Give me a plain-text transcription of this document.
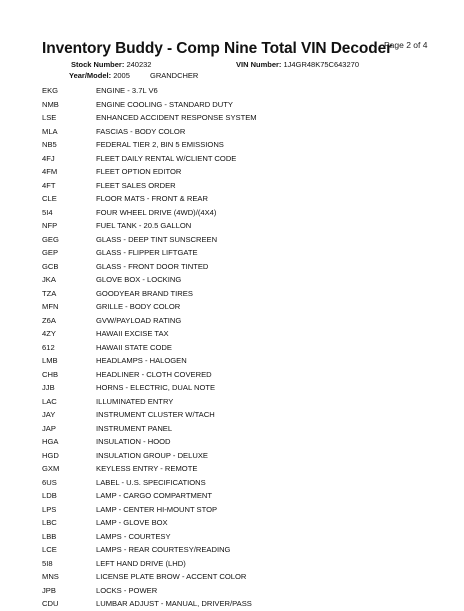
Inventory Buddy - Comp Nine Total VIN Decoder
Page 2 of 4
Stock Number: 240232	VIN Number: 1J4GR48K75C643270
Year/Model: 2005	GRANDCHER
EKG	ENGINE - 3.7L V6
NMB	ENGINE COOLING - STANDARD DUTY
LSE	ENHANCED ACCIDENT RESPONSE SYSTEM
MLA	FASCIAS - BODY COLOR
NB5	FEDERAL TIER 2, BIN 5 EMISSIONS
4FJ	FLEET DAILY RENTAL W/CLIENT CODE
4FM	FLEET OPTION EDITOR
4FT	FLEET SALES ORDER
CLE	FLOOR MATS - FRONT & REAR
5I4	FOUR WHEEL DRIVE (4WD)/(4X4)
NFP	FUEL TANK - 20.5 GALLON
GEG	GLASS - DEEP TINT SUNSCREEN
GEP	GLASS - FLIPPER LIFTGATE
GCB	GLASS - FRONT DOOR TINTED
JKA	GLOVE BOX - LOCKING
TZA	GOODYEAR BRAND TIRES
MFN	GRILLE - BODY COLOR
Z6A	GVW/PAYLOAD RATING
4ZY	HAWAII EXCISE TAX
612	HAWAII STATE CODE
LMB	HEADLAMPS - HALOGEN
CHB	HEADLINER - CLOTH COVERED
JJB	HORNS - ELECTRIC, DUAL NOTE
LAC	ILLUMINATED ENTRY
JAY	INSTRUMENT CLUSTER W/TACH
JAP	INSTRUMENT PANEL
HGA	INSULATION - HOOD
HGD	INSULATION GROUP - DELUXE
GXM	KEYLESS ENTRY - REMOTE
6US	LABEL - U.S. SPECIFICATIONS
LDB	LAMP - CARGO COMPARTMENT
LPS	LAMP - CENTER HI-MOUNT STOP
LBC	LAMP - GLOVE BOX
LBB	LAMPS - COURTESY
LCE	LAMPS - REAR COURTESY/READING
5I8	LEFT HAND DRIVE (LHD)
MNS	LICENSE PLATE BROW - ACCENT COLOR
JPB	LOCKS - POWER
CDU	LUMBAR ADJUST - MANUAL, DRIVER/PASS
